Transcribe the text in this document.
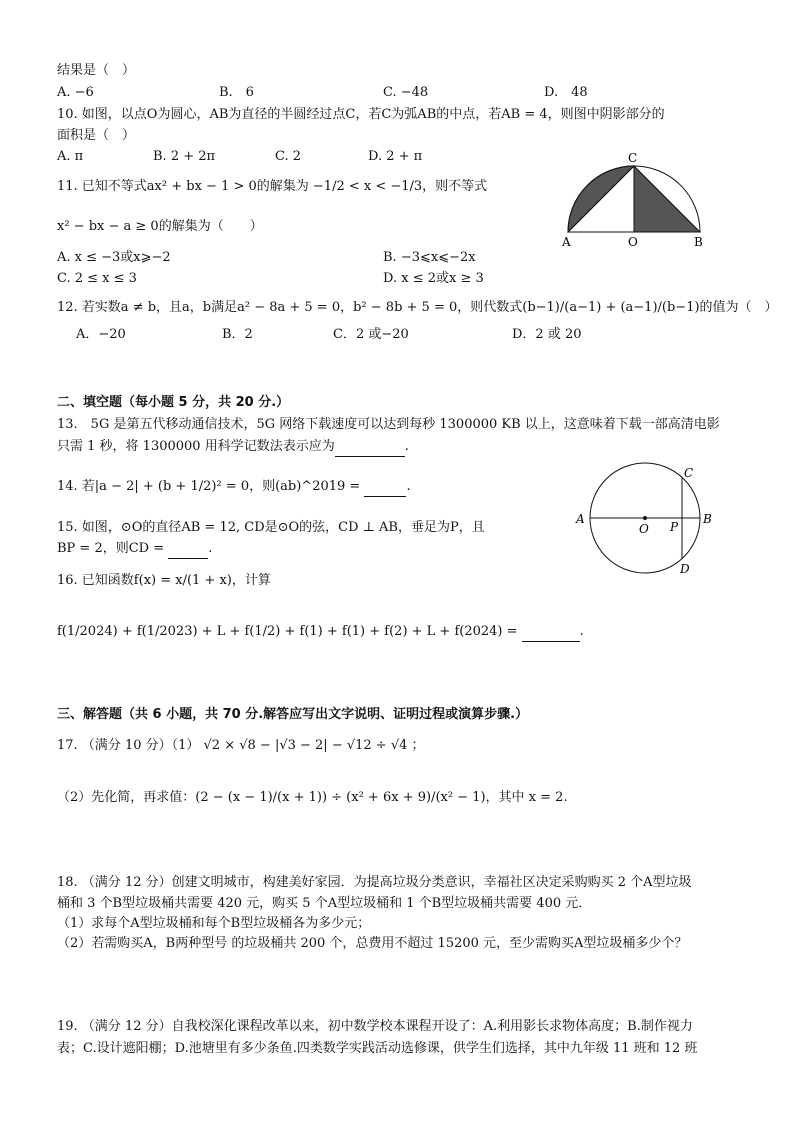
结果是（　）
A. −6	B.　6	C. −48	D.　48
10. 如图，以点O为圆心，AB为直径的半圆经过点C，若C为弧AB的中点，若AB = 4，则图中阴影部分的
面积是（　）
A. π	B. 2 + 2π	C. 2	D. 2 + π	C
A	O	B
11. 已知不等式ax² + bx − 1 > 0的解集为 −1/2 < x < −1/3，则不等式
x² − bx − a ≥ 0的解集为（　　）
A. x ≤ −3或x⩾−2	B. −3⩽x⩽−2x
C. 2 ≤ x ≤ 3	D. x ≤ 2或x ≥ 3
12. 若实数a ≠ b，且a，b满足a² − 8a + 5 = 0，b² − 8b + 5 = 0，则代数式(b−1)/(a−1) + (a−1)/(b−1)的值为（　）
A．−20	B．2	C．2 或−20	D．2 或 20
二、填空题（每小题 5 分，共 20 分.）
13.　5G 是第五代移动通信技术，5G 网络下载速度可以达到每秒 1300000 KB 以上，这意味着下载一部高清电影
只需 1 秒，将 1300000 用科学记数法表示应为	.
14. 若|a − 2| + (b + 1/2)² = 0，则(ab)^2019 =	.
15. 如图，⊙O的直径AB = 12, CD是⊙O的弦，CD ⊥ AB，垂足为P，且
BP = 2，则CD =	.
A
O P
B
C
D
16. 已知函数f(x) = x/(1 + x)，计算
f(1/2024) + f(1/2023) + L + f(1/2) + f(1) + f(1) + f(2) + L + f(2024) =	.
三、解答题（共 6 小题，共 70 分.解答应写出文字说明、证明过程或演算步骤.）
17. （满分 10 分）（1） √2 × √8 − |√3 − 2| − √12 ÷ √4 ；
（2）先化简，再求值：(2 − (x − 1)/(x + 1)) ÷ (x² + 6x + 9)/(x² − 1)，其中 x = 2.
18. （满分 12 分）创建文明城市，构建美好家园．为提高垃圾分类意识，幸福社区决定采购购买 2 个A型垃圾
桶和 3 个B型垃圾桶共需要 420 元，购买 5 个A型垃圾桶和 1 个B型垃圾桶共需要 400 元．
（1）求每个A型垃圾桶和每个B型垃圾桶各为多少元；
（2）若需购买A，B两种型号 的垃圾桶共 200 个，总费用不超过 15200 元，至少需购买A型垃圾桶多少个？
19. （满分 12 分）自我校深化课程改革以来，初中数学校本课程开设了：A.利用影长求物体高度；B.制作视力
表；C.设计遮阳棚；D.池塘里有多少条鱼.四类数学实践活动选修课，供学生们选择，其中九年级 11 班和 12 班
